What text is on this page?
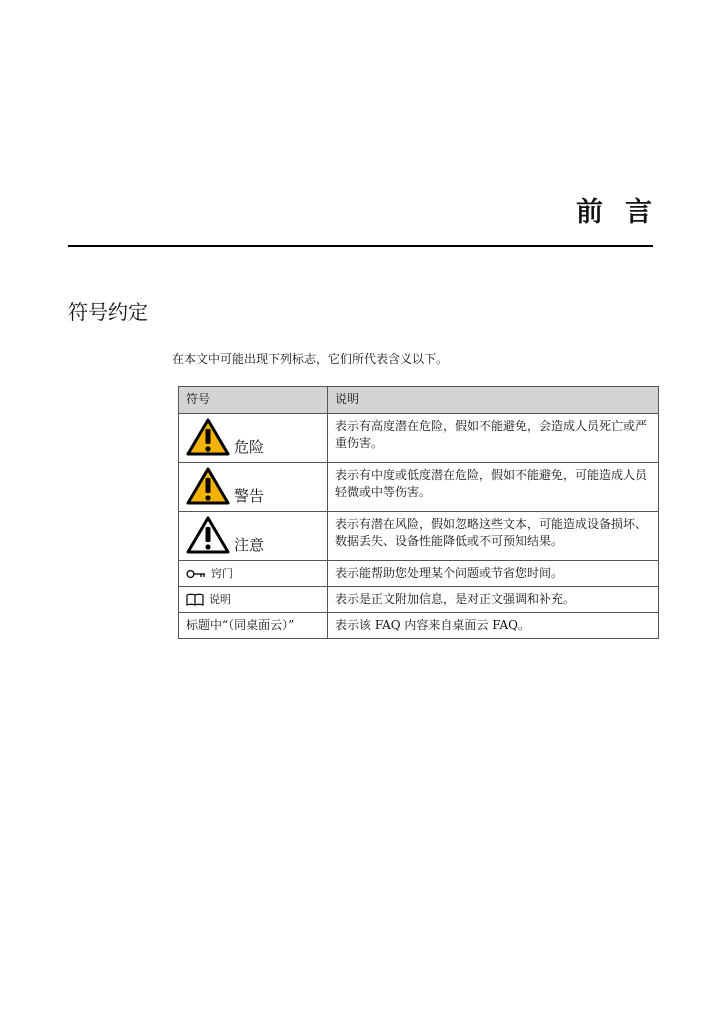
前言
符号约定
在本文中可能出现下列标志，它们所代表含义以下。
符号	说明

危险	表示有高度潜在危险，假如不能避免，会造成人员死亡或严重伤害。

警告	表示有中度或低度潜在危险，假如不能避免，可能造成人员轻微或中等伤害。

注意	表示有潜在风险，假如忽略这些文本，可能造成设备损坏、数据丢失、设备性能降低或不可预知结果。

窍门	表示能帮助您处理某个问题或节省您时间。

说明	表示是正文附加信息，是对正文强调和补充。
标题中“（同桌面云）”	表示该 FAQ 内容来自桌面云 FAQ。
